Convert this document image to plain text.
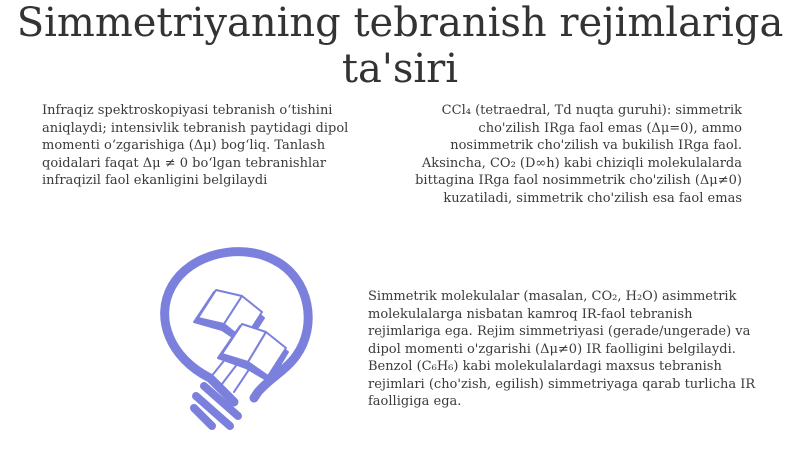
Simmetriyaning tebranish rejimlariga ta'siri

Infraqiz spektroskopiyasi tebranish o‘tishini aniqlaydi; intensivlik tebranish paytidagi dipol momenti o‘zgarishiga (Δμ) bog‘liq. Tanlash qoidalari faqat Δμ ≠ 0 bo‘lgan tebranishlar infraqizil faol ekanligini belgilaydi

CCl₄ (tetraedral, Td nuqta guruhi): simmetrik cho'zilish IRga faol emas (Δμ=0), ammo nosimmetrik cho'zilish va bukilish IRga faol. Aksincha, CO₂ (D∞h) kabi chiziqli molekulalarda bittagina IRga faol nosimmetrik cho'zilish (Δμ≠0) kuzatiladi, simmetrik cho'zilish esa faol emas

Simmetrik molekulalar (masalan, CO₂, H₂O) asimmetrik molekulalarga nisbatan kamroq IR-faol tebranish rejimlariga ega. Rejim simmetriyasi (gerade/ungerade) va dipol momenti o'zgarishi (Δμ≠0) IR faolligini belgilaydi. Benzol (C₆H₆) kabi molekulalardagi maxsus tebranish rejimlari (cho'zish, egilish) simmetriyaga qarab turlicha IR faolligiga ega.
